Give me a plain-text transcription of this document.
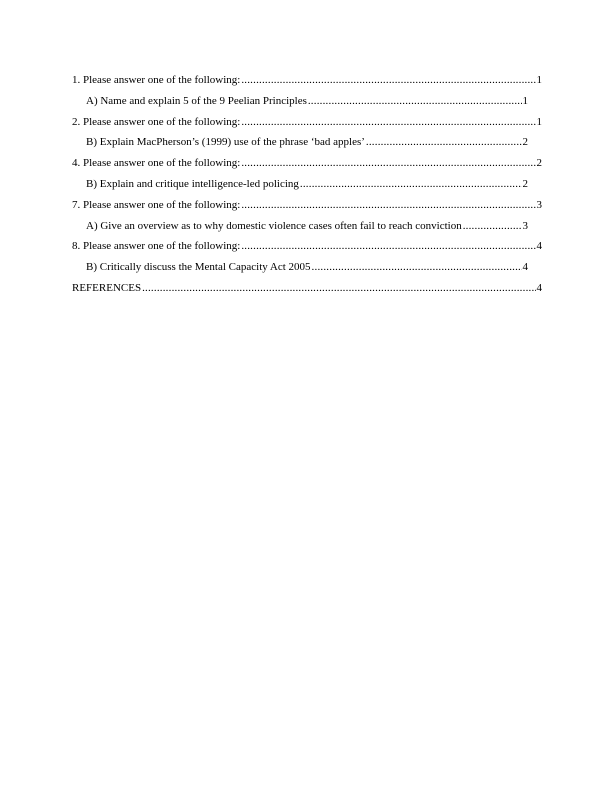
1. Please answer one of the following: .....	1
A) Name and explain 5 of the 9 Peelian Principles .....	1
2. Please answer one of the following: .....	1
B) Explain MacPherson’s (1999) use of the phrase ‘bad apples’ .....	2
4. Please answer one of the following: .....	2
B) Explain and critique intelligence-led policing .....	2
7. Please answer one of the following: .....	3
A) Give an overview as to why domestic violence cases often fail to reach conviction .....	3
8. Please answer one of the following: .....	4
B) Critically discuss the Mental Capacity Act 2005 .....	4
REFERENCES .....	4
